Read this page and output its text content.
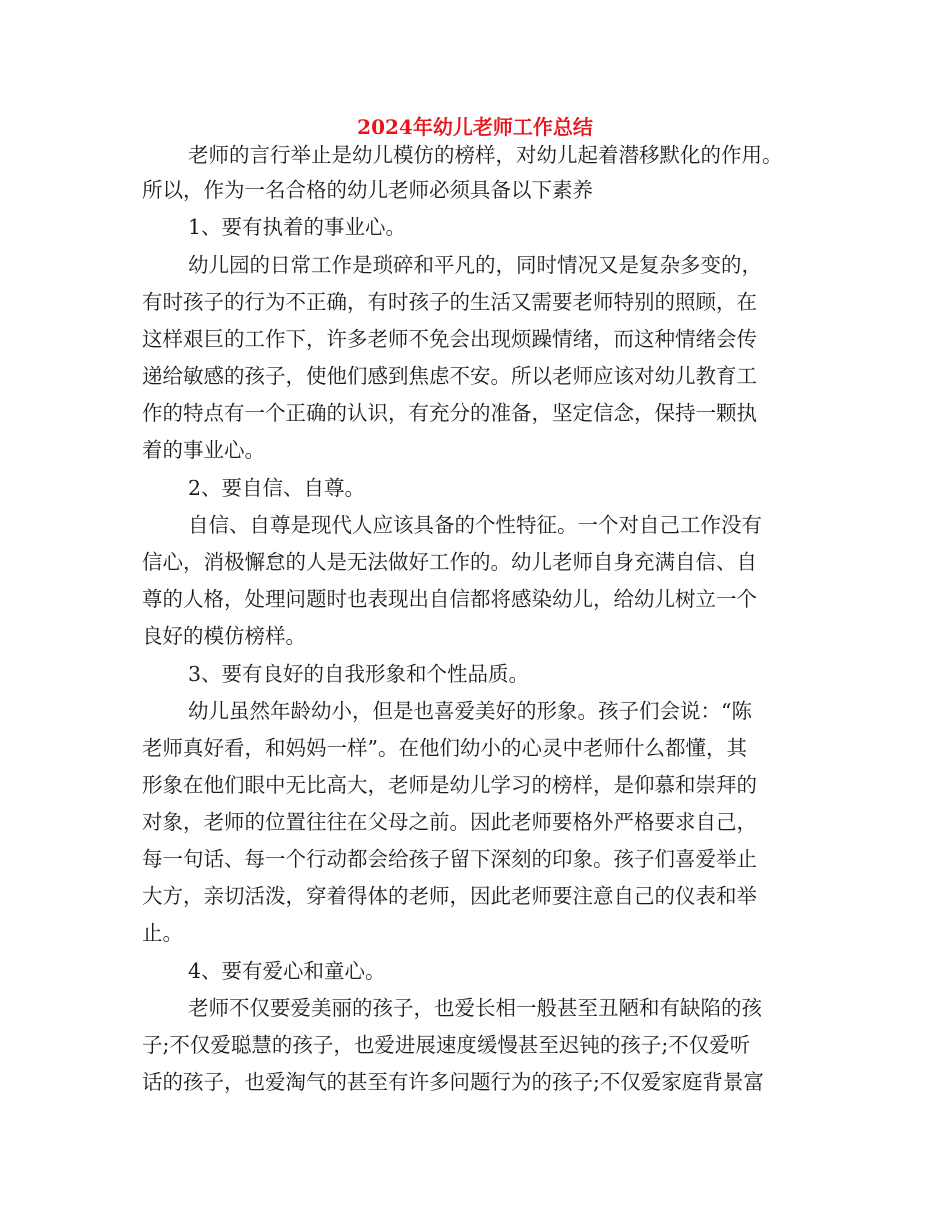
2024年幼儿老师工作总结
老师的言行举止是幼儿模仿的榜样，对幼儿起着潜移默化的作用。
所以，作为一名合格的幼儿老师必须具备以下素养
1、要有执着的事业心。
幼儿园的日常工作是琐碎和平凡的，同时情况又是复杂多变的，
有时孩子的行为不正确，有时孩子的生活又需要老师特别的照顾，在
这样艰巨的工作下，许多老师不免会出现烦躁情绪，而这种情绪会传
递给敏感的孩子，使他们感到焦虑不安。所以老师应该对幼儿教育工
作的特点有一个正确的认识，有充分的准备，坚定信念，保持一颗执
着的事业心。
2、要自信、自尊。
自信、自尊是现代人应该具备的个性特征。一个对自己工作没有
信心，消极懈怠的人是无法做好工作的。幼儿老师自身充满自信、自
尊的人格，处理问题时也表现出自信都将感染幼儿，给幼儿树立一个
良好的模仿榜样。
3、要有良好的自我形象和个性品质。
幼儿虽然年龄幼小，但是也喜爱美好的形象。孩子们会说：“陈
老师真好看，和妈妈一样”。在他们幼小的心灵中老师什么都懂，其
形象在他们眼中无比高大，老师是幼儿学习的榜样，是仰慕和崇拜的
对象，老师的位置往往在父母之前。因此老师要格外严格要求自己，
每一句话、每一个行动都会给孩子留下深刻的印象。孩子们喜爱举止
大方，亲切活泼，穿着得体的老师，因此老师要注意自己的仪表和举
止。
4、要有爱心和童心。
老师不仅要爱美丽的孩子，也爱长相一般甚至丑陋和有缺陷的孩
子;不仅爱聪慧的孩子，也爱进展速度缓慢甚至迟钝的孩子;不仅爱听
话的孩子，也爱淘气的甚至有许多问题行为的孩子;不仅爱家庭背景富
